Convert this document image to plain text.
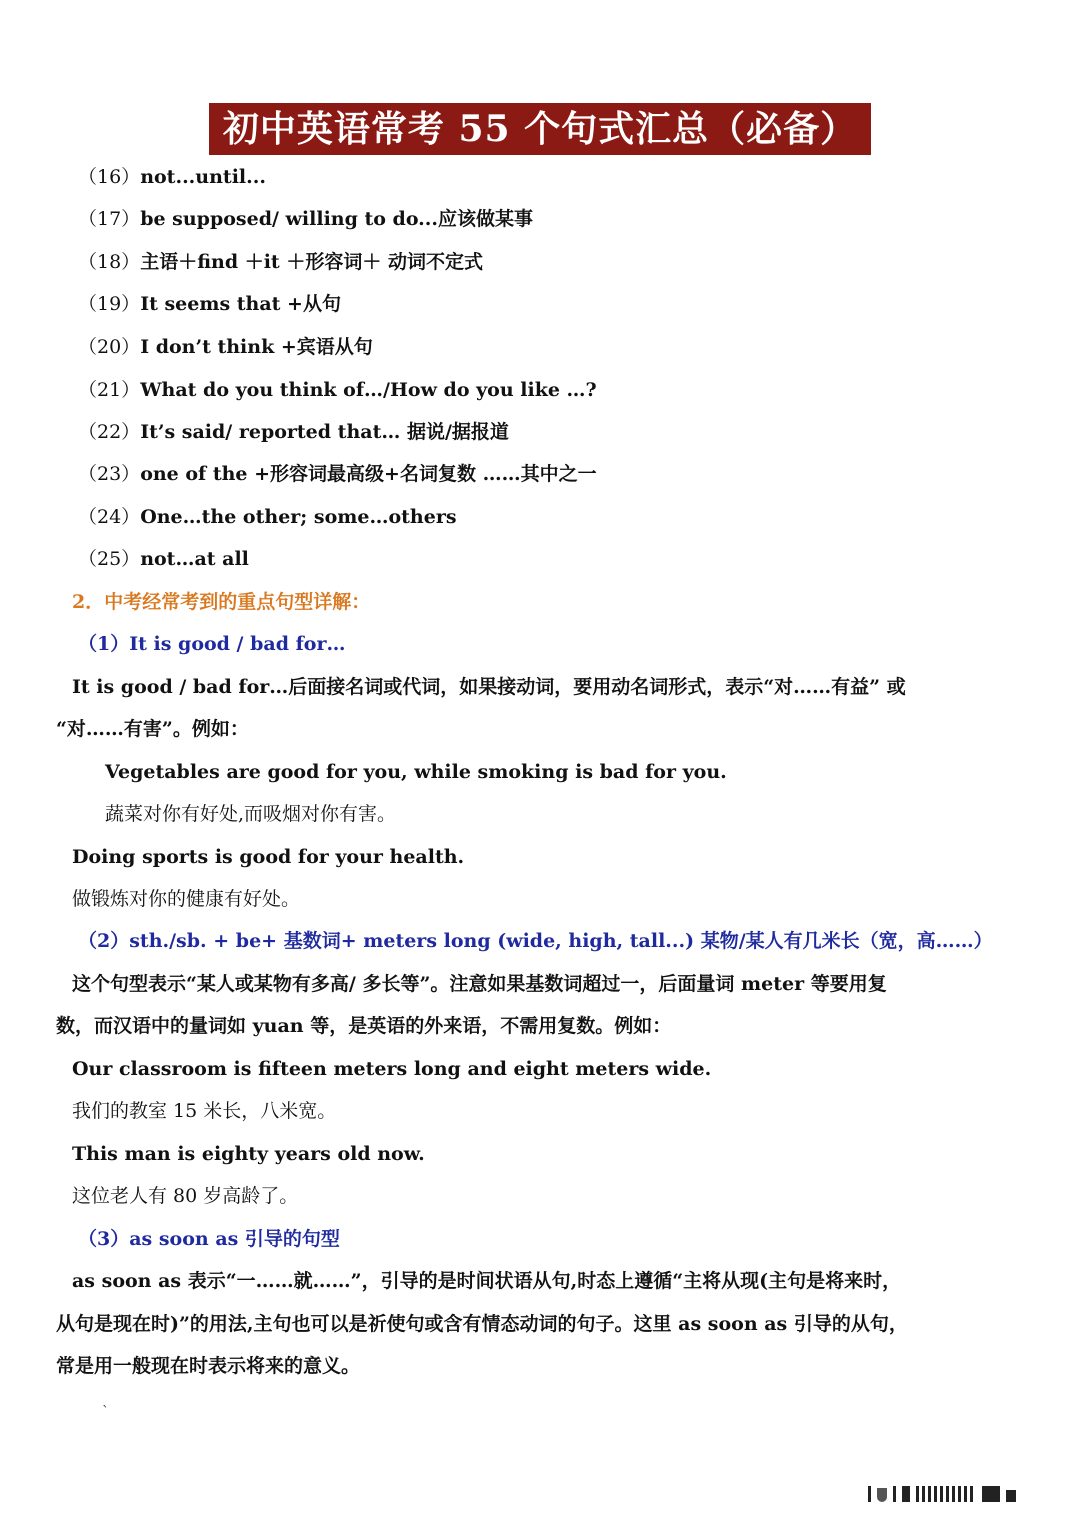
初中英语常考 55 个句式汇总（必备）
（16）not...until...
（17）be supposed/ willing to do...应该做某事
（18）主语＋find ＋it ＋形容词＋ 动词不定式
（19）It seems that +从句
（20）I don’t think +宾语从句
（21）What do you think of…/How do you like …?
（22）It’s said/ reported that… 据说/据报道
（23）one of the +形容词最高级+名词复数 ……其中之一
（24）One…the other; some…others
（25）not…at all
2．中考经常考到的重点句型详解：
（1）It is good / bad for…
It is good / bad for…后面接名词或代词，如果接动词，要用动名词形式，表示“对……有益” 或
“对……有害”。例如：
Vegetables are good for you, while smoking is bad for you.
蔬菜对你有好处,而吸烟对你有害。
Doing sports is good for your health.
做锻炼对你的健康有好处。
（2）sth./sb. + be+ 基数词+ meters long (wide, high, tall...) 某物/某人有几米长（宽，高……）
这个句型表示“某人或某物有多高/ 多长等”。注意如果基数词超过一，后面量词 meter 等要用复
数，而汉语中的量词如 yuan 等，是英语的外来语，不需用复数。例如：
Our classroom is fifteen meters long and eight meters wide.
我们的教室 15 米长，八米宽。
This man is eighty years old now.
这位老人有 80 岁高龄了。
（3）as soon as 引导的句型
as soon as 表示“一……就……”，引导的是时间状语从句,时态上遵循“主将从现(主句是将来时，
从句是现在时)”的用法,主句也可以是祈使句或含有情态动词的句子。这里 as soon as 引导的从句，
常是用一般现在时表示将来的意义。
`
